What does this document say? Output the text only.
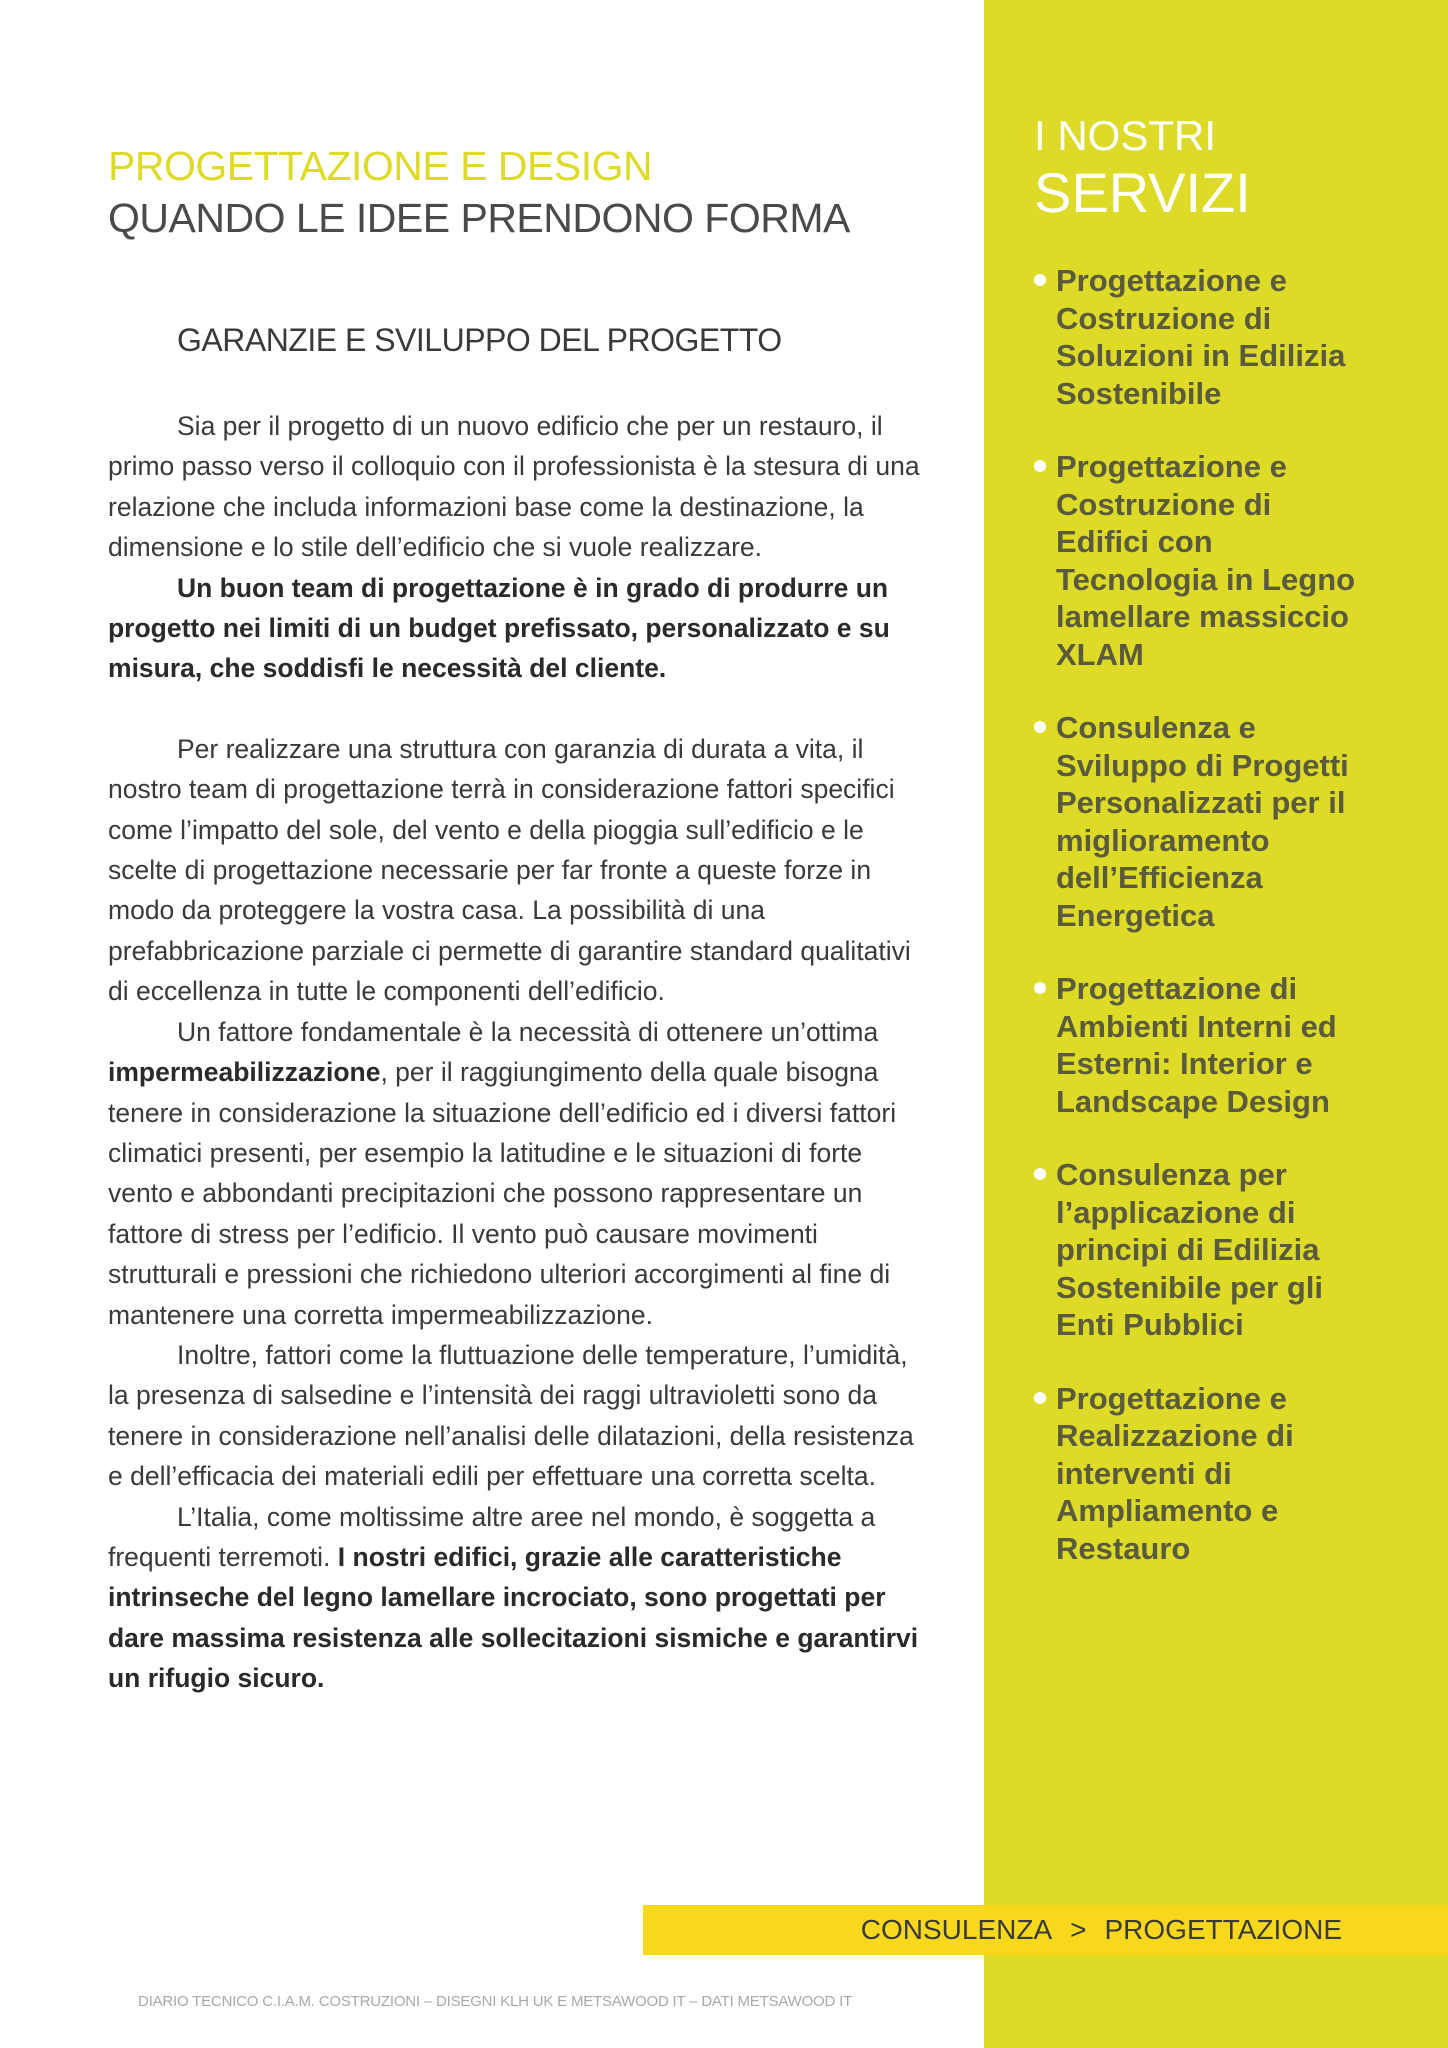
PROGETTAZIONE E DESIGN
QUANDO LE IDEE PRENDONO FORMA
GARANZIE E SVILUPPO DEL PROGETTO

Sia per il progetto di un nuovo edificio che per un restauro, il primo passo verso il colloquio con il professionista è la stesura di una relazione che includa informazioni base come la destinazione, la dimensione e lo stile dell’edificio che si vuole realizzare.

Un buon team di progettazione è in grado di produrre un progetto nei limiti di un budget prefissato, personalizzato e su misura, che soddisfi le necessità del cliente.

Per realizzare una struttura con garanzia di durata a vita, il nostro team di progettazione terrà in considerazione fattori specifici come l’impatto del sole, del vento e della pioggia sull’edificio e le scelte di progettazione necessarie per far fronte a queste forze in modo da proteggere la vostra casa. La possibilità di una prefabbricazione parziale ci permette di garantire standard qualitativi di eccellenza in tutte le componenti dell’edificio.

Un fattore fondamentale è la necessità di ottenere un’ottima impermeabilizzazione, per il raggiungimento della quale bisogna tenere in considerazione la situazione dell’edificio ed i diversi fattori climatici presenti, per esempio la latitudine e le situazioni di forte vento e abbondanti precipitazioni che possono rappresentare un fattore di stress per l’edificio. Il vento può causare movimenti strutturali e pressioni che richiedono ulteriori accorgimenti al fine di mantenere una corretta impermeabilizzazione.

Inoltre, fattori come la fluttuazione delle temperature, l’umidità, la presenza di salsedine e l’intensità dei raggi ultravioletti sono da tenere in considerazione nell’analisi delle dilatazioni, della resistenza e dell’efficacia dei materiali edili per effettuare una corretta scelta.

L’Italia, come moltissime altre aree nel mondo, è soggetta a frequenti terremoti. I nostri edifici, grazie alle caratteristiche intrinseche del legno lamellare incrociato, sono progettati per dare massima resistenza alle sollecitazioni sismiche e garantirvi un rifugio sicuro.

I NOSTRI
SERVIZI
Progettazione e Costruzione di Soluzioni in Edilizia Sostenibile
Progettazione e Costruzione di Edifici con Tecnologia in Legno lamellare massiccio XLAM
Consulenza e Sviluppo di Progetti Personalizzati per il miglioramento dell’Efficienza Energetica
Progettazione di Ambienti Interni ed Esterni: Interior e Landscape Design
Consulenza per l’applicazione di principi di Edilizia Sostenibile per gli Enti Pubblici
Progettazione e Realizzazione di interventi di Ampliamento e Restauro
CONSULENZA > PROGETTAZIONE
DIARIO TECNICO C.I.A.M. COSTRUZIONI – DISEGNI KLH UK E METSAWOOD IT – DATI METSAWOOD IT
